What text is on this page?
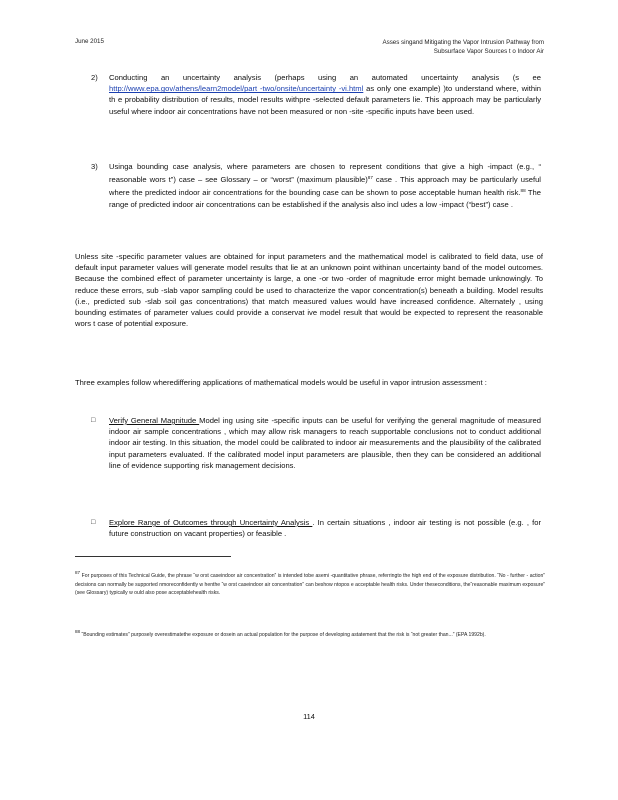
June 2015	Asses singand Mitigating the Vapor Intrusion Pathway from
Subsurface Vapor Sources t o Indoor Air
2) Conducting an uncertainty analysis (perhaps using an automated uncertainty analysis (s ee http://www.epa.gov/athens/learn2model/part -two/onsite/uncertainty -vi.html as only one example) )to understand where, within th e probability distribution of results, model results withpre -selected default parameters lie. This approach may be particularly useful where indoor air concentrations have not been measured or non -site -specific inputs have been used.
3) Usinga bounding case analysis, where parameters are chosen to represent conditions that give a high -impact (e.g., “ reasonable wors t”) case – see Glossary – or “worst” (maximum plausible)$^{87}$ case . This approach may be particularly useful where the predicted indoor air concentrations for the bounding case can be shown to pose acceptable human health risk.$^{88}$ The range of predicted indoor air concentrations can be established if the analysis also incl udes a low -impact (“best”) case .
Unless site -specific parameter values are obtained for input parameters and the mathematical model is calibrated to field data, use of default input parameter values will generate model results that lie at an unknown point withinan uncertainty band of the model outcomes. Because the combined effect of parameter uncertainty is large, a one -or two -order of magnitude error might bemade unknowingly. To reduce these errors, sub -slab vapor sampling could be used to characterize the vapor concentration(s) beneath a building. Model results (i.e., predicted sub -slab soil gas concentrations) that match measured values would have increased confidence. Alternately , using bounding estimates of parameter values could provide a conservat ive model result that would be expected to represent the reasonable wors t case of potential exposure.
Three examples follow wherediffering applications of mathematical models would be useful in vapor intrusion assessment :
□ Verify General Magnitude Model ing using site -specific inputs can be useful for verifying the general magnitude of measured indoor air sample concentrations , which may allow risk managers to reach supportable conclusions not to conduct additional indoor air testing. In this situation, the model could be calibrated to indoor air measurements and the plausibility of the calibrated input parameters evaluated. If the calibrated model input parameters are plausible, then they can be considered an additional line of evidence supporting risk management decisions.
□ Explore Range of Outcomes through Uncertainty Analysis . In certain situations , indoor air testing is not possible (e.g. , for future construction on vacant properties) or feasible .
$^{87}$ For purposes of this Technical Guide, the phrase “w orst caseindoor air concentration” is intended tobe asemi -quantitative phrase, referringto the high end of the exposure distribution. “No - further - action” decisions can normally be supported nmoreconfidently w henthe “w orst caseindoor air concentration” can beshow ntopos e acceptable health risks. Under theseconditions, the“reasonable maximum exposure” (see Glossary) typically w ould also pose acceptablehealth risks.
$^{88}$ “Bounding estimates” purposely overestimatethe exposure or dosein an actual population for the purpose of developing astatement that the risk is “not greater than...” (EPA 1992b).
114
